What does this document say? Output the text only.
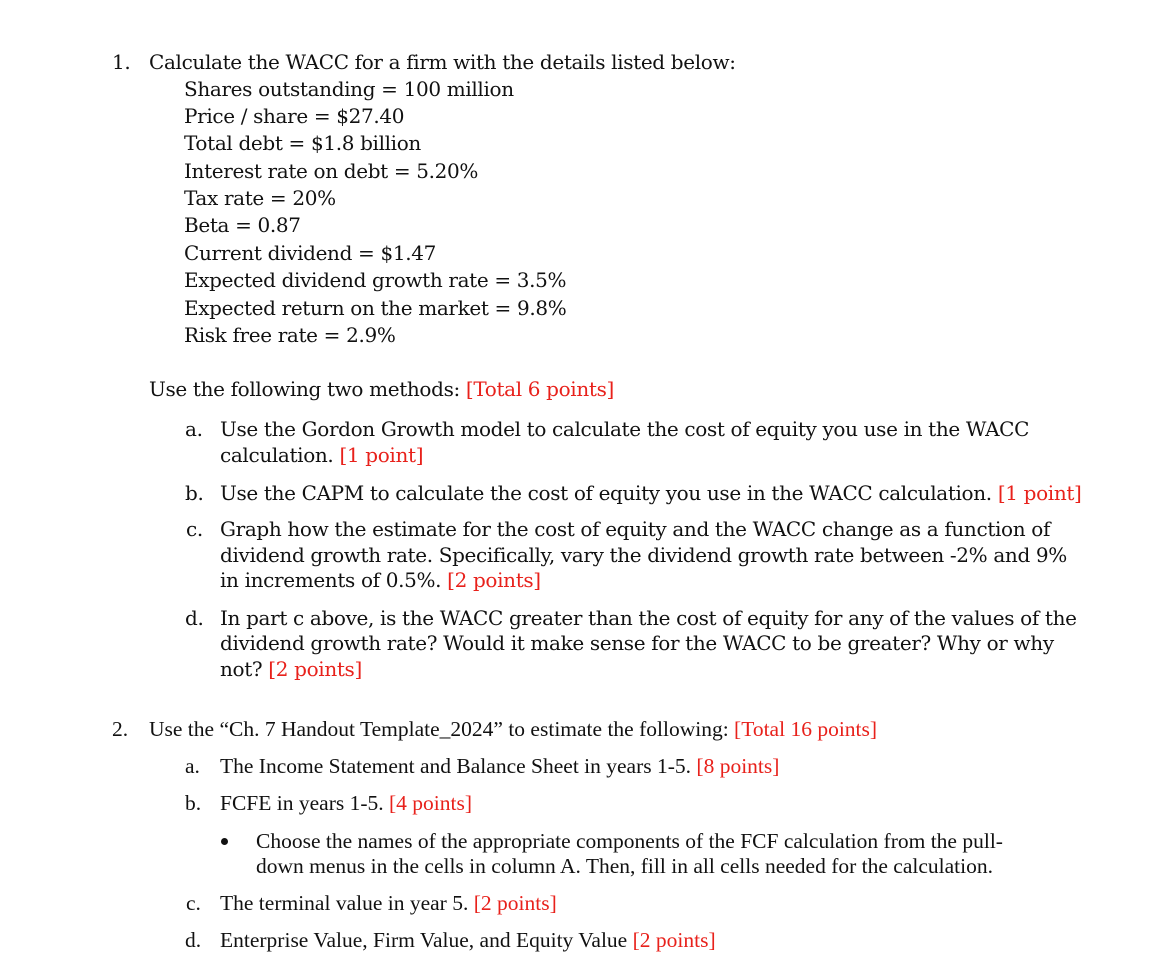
1. Calculate the WACC for a firm with the details listed below:
Shares outstanding = 100 million
Price / share = $27.40
Total debt = $1.8 billion
Interest rate on debt = 5.20%
Tax rate = 20%
Beta = 0.87
Current dividend = $1.47
Expected dividend growth rate = 3.5%
Expected return on the market = 9.8%
Risk free rate = 2.9%
Use the following two methods: [Total 6 points]
a. Use the Gordon Growth model to calculate the cost of equity you use in the WACC
calculation. [1 point]
b. Use the CAPM to calculate the cost of equity you use in the WACC calculation. [1 point]
c. Graph how the estimate for the cost of equity and the WACC change as a function of
dividend growth rate. Specifically, vary the dividend growth rate between -2% and 9%
in increments of 0.5%. [2 points]
d. In part c above, is the WACC greater than the cost of equity for any of the values of the
dividend growth rate? Would it make sense for the WACC to be greater? Why or why
not? [2 points]
2. Use the “Ch. 7 Handout Template_2024” to estimate the following: [Total 16 points]
a. The Income Statement and Balance Sheet in years 1-5. [8 points]
b. FCFE in years 1-5. [4 points]
Choose the names of the appropriate components of the FCF calculation from the pull-
down menus in the cells in column A. Then, fill in all cells needed for the calculation.
c. The terminal value in year 5. [2 points]
d. Enterprise Value, Firm Value, and Equity Value [2 points]
